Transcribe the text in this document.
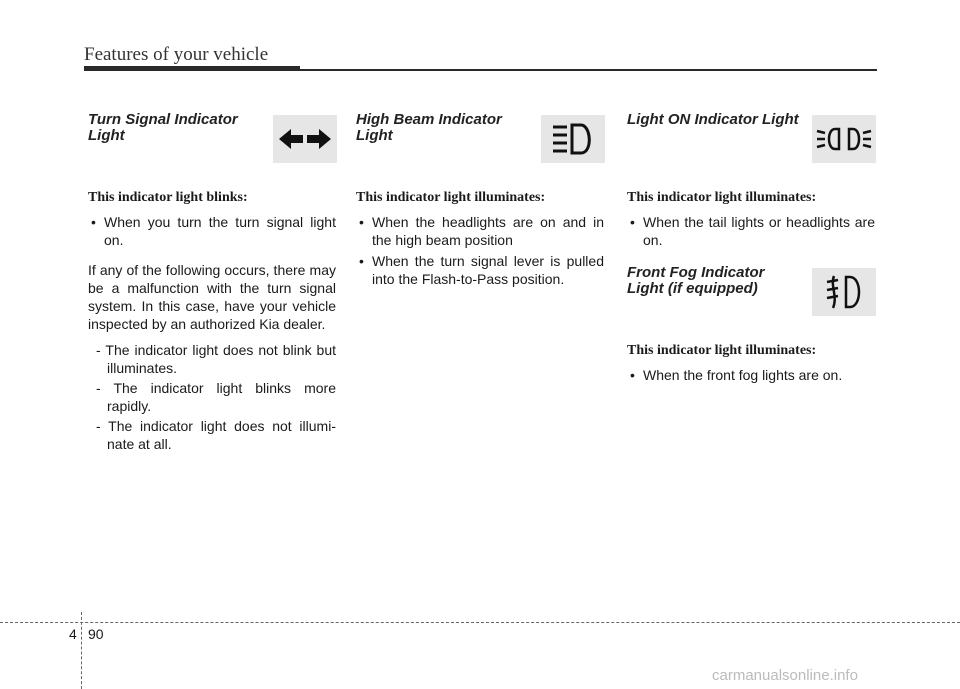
Features of your vehicle
Turn Signal Indicator
Light
This indicator light blinks:
• When you turn the turn signal light on.

If any of the following occurs, there may be a malfunction with the turn signal system. In this case, have your vehicle inspected by an authorized Kia dealer.

- The indicator light does not blink but illuminates.
- The indicator light blinks more rapidly.
- The indicator light does not illumi-nate at all.
High Beam Indicator
Light
This indicator light illuminates:
• When the headlights are on and in the high beam position
• When the turn signal lever is pulled into the Flash-to-Pass position.
Light ON Indicator Light
This indicator light illuminates:
• When the tail lights or headlights are on.
Front Fog Indicator
Light (if equipped)
This indicator light illuminates:
• When the front fog lights are on.
4 90
carmanualsonline.info
